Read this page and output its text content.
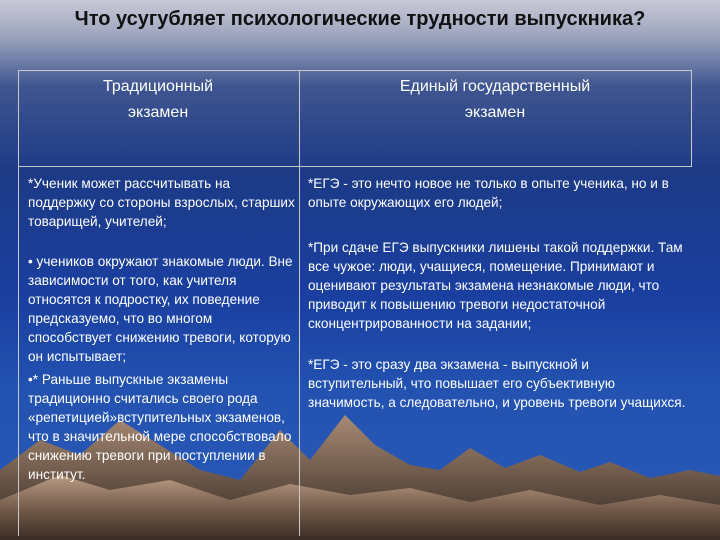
Что усугубляет психологические трудности выпускника?
Традиционный экзамен
Единый государственный экзамен

*Ученик может рассчитывать на поддержку со стороны взрослых, старших товарищей, учителей;

• учеников окружают знакомые люди. Вне зависимости от того, как учителя относятся к подростку, их поведение предсказуемо, что во многом способствует снижению тревоги, которую он испытывает;

•* Раньше выпускные экзамены традиционно считались своего рода «репетицией»вступительных экзаменов, что в значительной мере способствовало снижению тревоги при поступлении в институт.

*ЕГЭ - это нечто новое не только в опыте ученика, но и в опыте окружающих его людей;

*При сдаче ЕГЭ выпускники лишены такой поддержки. Там все чужое: люди, учащиеся, помещение. Принимают и оценивают результаты экзамена незнакомые люди, что приводит к повышению тревоги недостаточной сконцентрированности на задании;

*ЕГЭ - это сразу два экзамена - выпускной и вступительный, что повышает его субъективную значимость, а следовательно, и уровень тревоги учащихся.
